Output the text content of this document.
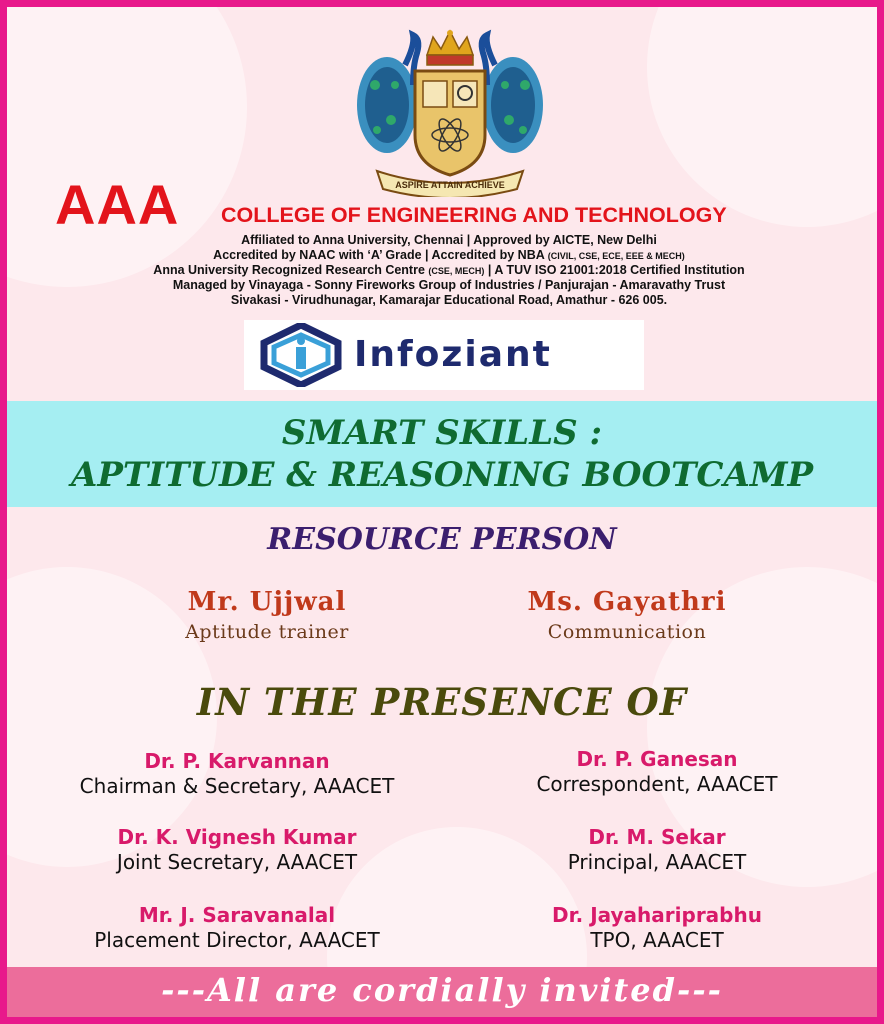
ASPIRE ATTAIN ACHIEVE
AAA COLLEGE OF ENGINEERING AND TECHNOLOGY
Affiliated to Anna University, Chennai | Approved by AICTE, New Delhi
Accredited by NAAC with ‘A’ Grade | Accredited by NBA (CIVIL, CSE, ECE, EEE & MECH)
Anna University Recognized Research Centre (CSE, MECH) | A TUV ISO 21001:2018 Certified Institution
Managed by Vinayaga - Sonny Fireworks Group of Industries / Panjurajan - Amaravathy Trust
Sivakasi - Virudhunagar, Kamarajar Educational Road, Amathur - 626 005.
Infoziant
SMART SKILLS :
APTITUDE & REASONING BOOTCAMP
RESOURCE PERSON
Mr. Ujjwal
Aptitude trainer
Ms. Gayathri
Communication
IN THE PRESENCE OF
Dr. P. Karvannan
Chairman & Secretary, AAACET
Dr. P. Ganesan
Correspondent, AAACET
Dr. K. Vignesh Kumar
Joint Secretary, AAACET
Dr. M. Sekar
Principal, AAACET
Mr. J. Saravanalal
Placement Director, AAACET
Dr. Jayahariprabhu
TPO, AAACET
---All are cordially invited---
